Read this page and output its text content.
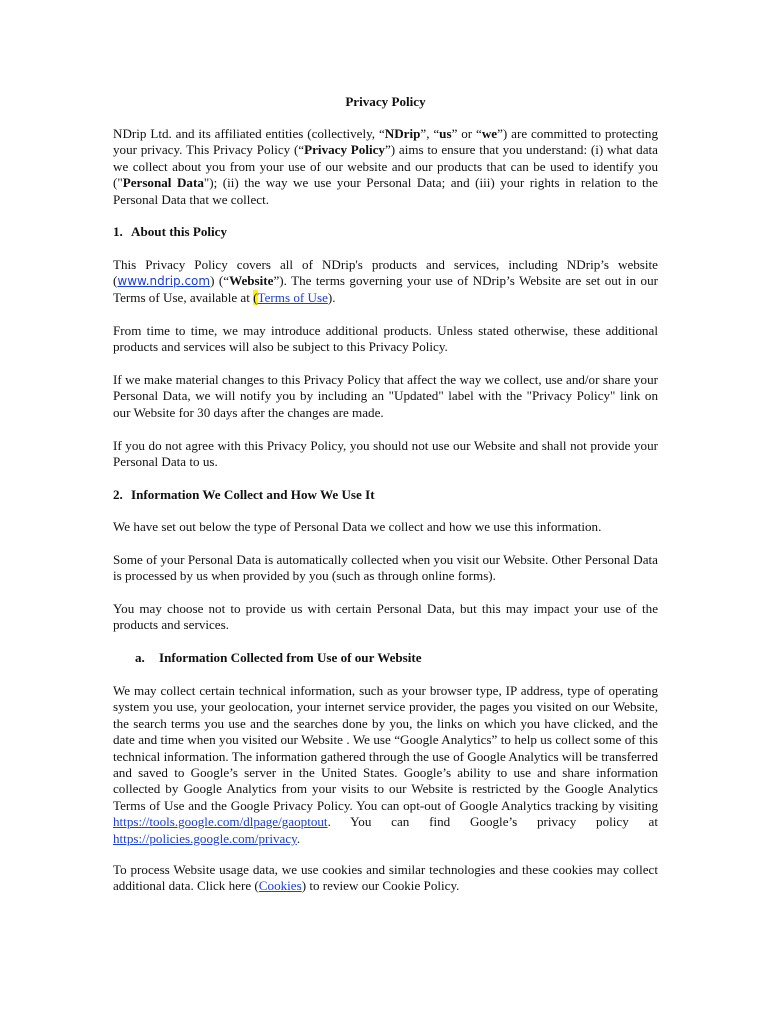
Privacy Policy

NDrip Ltd. and its affiliated entities (collectively, “NDrip”, “us” or “we”) are committed to protecting your privacy. This Privacy Policy (“Privacy Policy”) aims to ensure that you understand: (i) what data we collect about you from your use of our website and our products that can be used to identify you ("Personal Data"); (ii) the way we use your Personal Data; and (iii) your rights in relation to the Personal Data that we collect.

1. About this Policy

This Privacy Policy covers all of NDrip's products and services, including NDrip’s website (www.ndrip.com) (“Website”). The terms governing your use of NDrip’s Website are set out in our Terms of Use, available at (Terms of Use).

From time to time, we may introduce additional products. Unless stated otherwise, these additional products and services will also be subject to this Privacy Policy.

If we make material changes to this Privacy Policy that affect the way we collect, use and/or share your Personal Data, we will notify you by including an "Updated" label with the "Privacy Policy" link on our Website for 30 days after the changes are made.

If you do not agree with this Privacy Policy, you should not use our Website and shall not provide your Personal Data to us.

2. Information We Collect and How We Use It

We have set out below the type of Personal Data we collect and how we use this information.

Some of your Personal Data is automatically collected when you visit our Website. Other Personal Data is processed by us when provided by you (such as through online forms).

You may choose not to provide us with certain Personal Data, but this may impact your use of the products and services.

a. Information Collected from Use of our Website

We may collect certain technical information, such as your browser type, IP address, type of operating system you use, your geolocation, your internet service provider, the pages you visited on our Website, the search terms you use and the searches done by you, the links on which you have clicked, and the date and time when you visited our Website . We use “Google Analytics” to help us collect some of this technical information. The information gathered through the use of Google Analytics will be transferred and saved to Google’s server in the United States. Google’s ability to use and share information collected by Google Analytics from your visits to our Website is restricted by the Google Analytics Terms of Use and the Google Privacy Policy. You can opt-out of Google Analytics tracking by visiting https://tools.google.com/dlpage/gaoptout. You can find Google’s privacy policy at https://policies.google.com/privacy.

To process Website usage data, we use cookies and similar technologies and these cookies may collect additional data. Click here (Cookies) to review our Cookie Policy.
